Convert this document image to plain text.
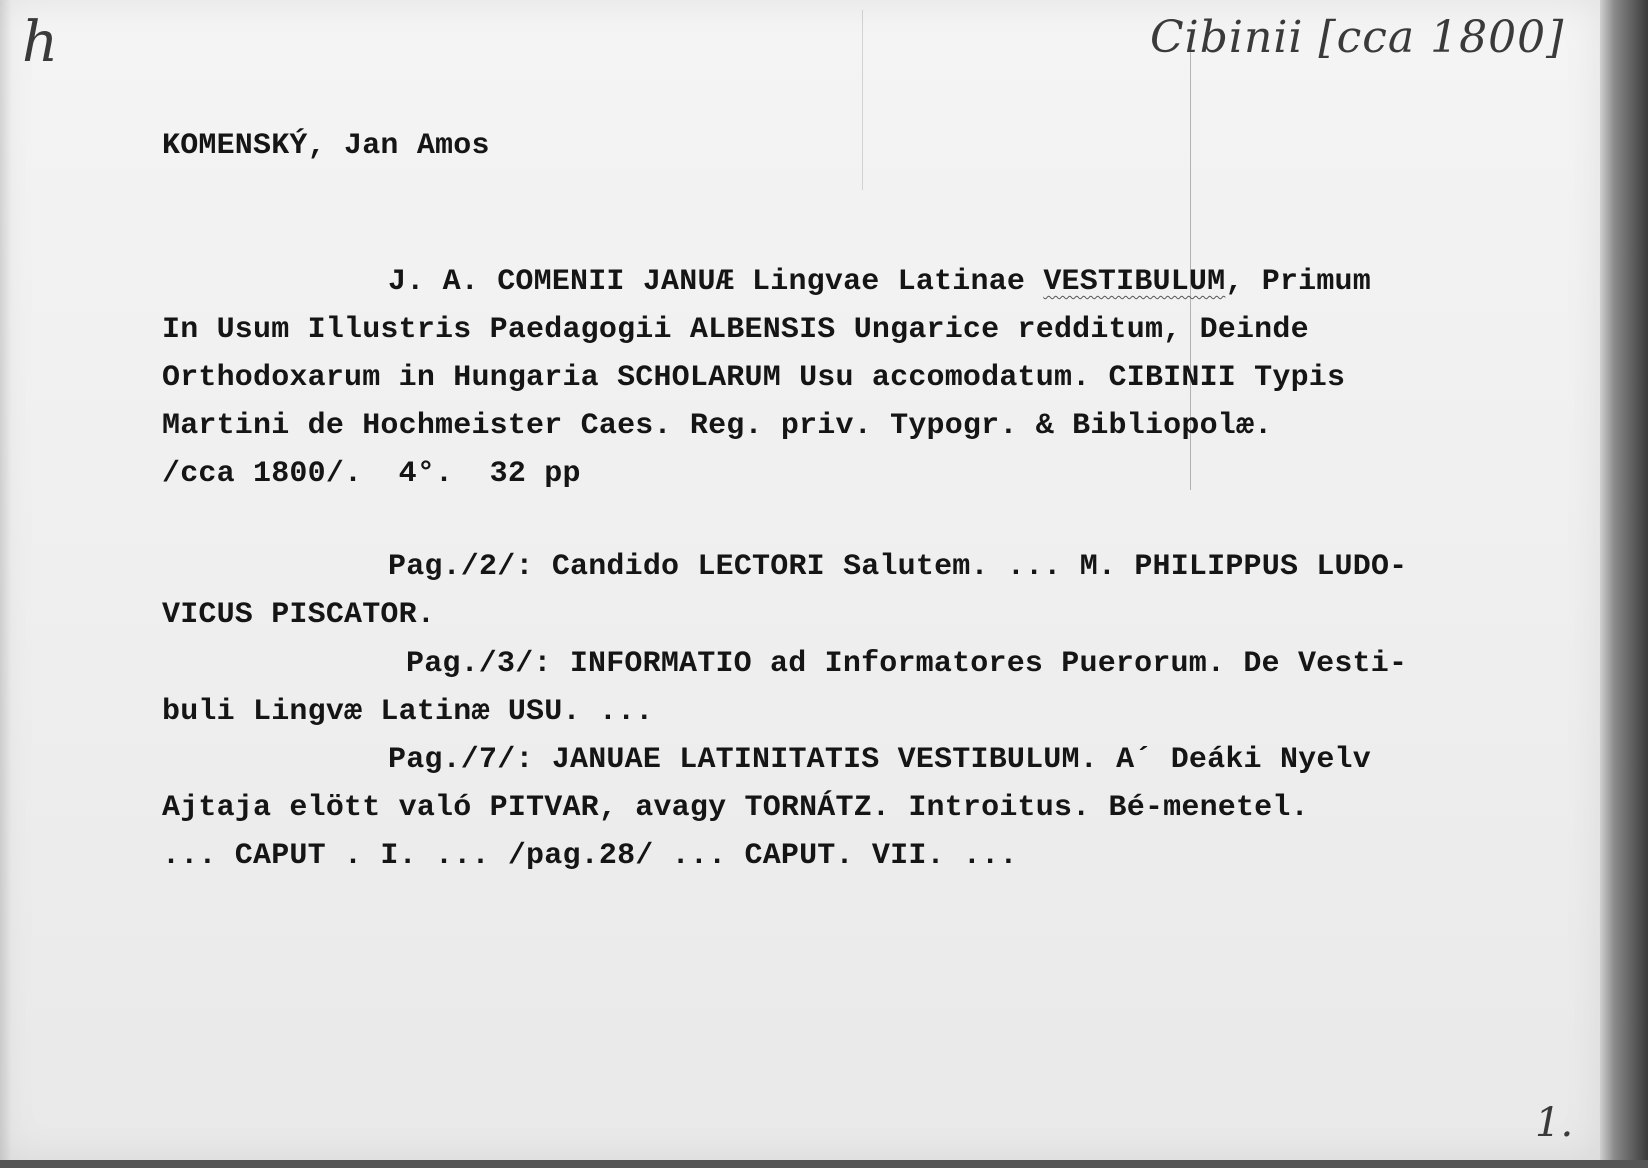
h	Cibinii [cca 1800]
KOMENSKÝ, Jan Amos
J. A. COMENII JANUÆ Lingvae Latinae VESTIBULUM, Primum
In Usum Illustris Paedagogii ALBENSIS Ungarice redditum, Deinde
Orthodoxarum in Hungaria SCHOLARUM Usu accomodatum. CIBINII Typis
Martini de Hochmeister Caes. Reg. priv. Typogr. & Bibliopolæ.
/cca 1800/. 4°. 32 pp
Pag./2/: Candido LECTORI Salutem. ... M. PHILIPPUS LUDO-
VICUS PISCATOR.
Pag./3/: INFORMATIO ad Informatores Puerorum. De Vesti-
buli Lingvæ Latinæ USU. ...
Pag./7/: JANUAE LATINITATIS VESTIBULUM. A´ Deáki Nyelv
Ajtaja elött való PITVAR, avagy TORNÁTZ. Introitus. Bé-menetel.
... CAPUT . I. ... /pag.28/ ... CAPUT. VII. ...
1.
